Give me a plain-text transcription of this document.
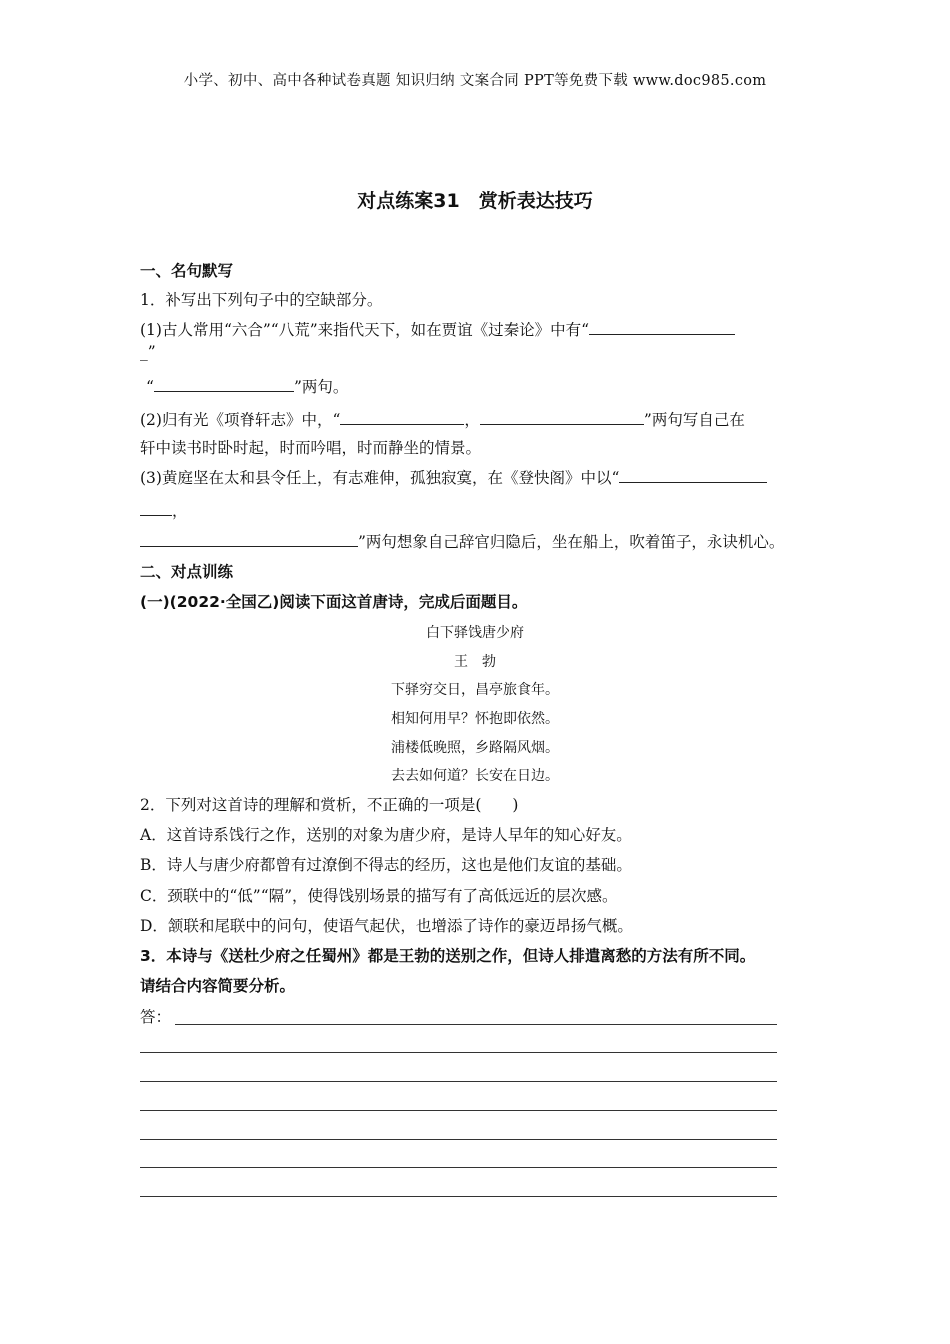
小学、初中、高中各种试卷真题 知识归纳 文案合同 PPT等免费下载 www.doc985.com
对点练案31　赏析表达技巧
一、名句默写
1．补写出下列句子中的空缺部分。
(1)古人常用“六合”“八荒”来指代天下，如在贾谊《过秦论》中有“
_”
“	”两句。
(2)归有光《项脊轩志》中，“	，	”两句写自己在
轩中读书时卧时起，时而吟唱，时而静坐的情景。
(3)黄庭坚在太和县令任上，有志难伸，孤独寂寞，在《登快阁》中以“
，
”两句想象自己辞官归隐后，坐在船上，吹着笛子，永诀机心。
二、对点训练
(一)(2022·全国乙)阅读下面这首唐诗，完成后面题目。
白下驿饯唐少府
王　勃
下驿穷交日，昌亭旅食年。
相知何用早？怀抱即依然。
浦楼低晚照，乡路隔风烟。
去去如何道？长安在日边。
2．下列对这首诗的理解和赏析，不正确的一项是(　　)
A．这首诗系饯行之作，送别的对象为唐少府，是诗人早年的知心好友。
B．诗人与唐少府都曾有过潦倒不得志的经历，这也是他们友谊的基础。
C．颈联中的“低”“隔”，使得饯别场景的描写有了高低远近的层次感。
D．颔联和尾联中的问句，使语气起伏，也增添了诗作的豪迈昂扬气概。
3．本诗与《送杜少府之任蜀州》都是王勃的送别之作，但诗人排遣离愁的方法有所不同。
请结合内容简要分析。
答：
